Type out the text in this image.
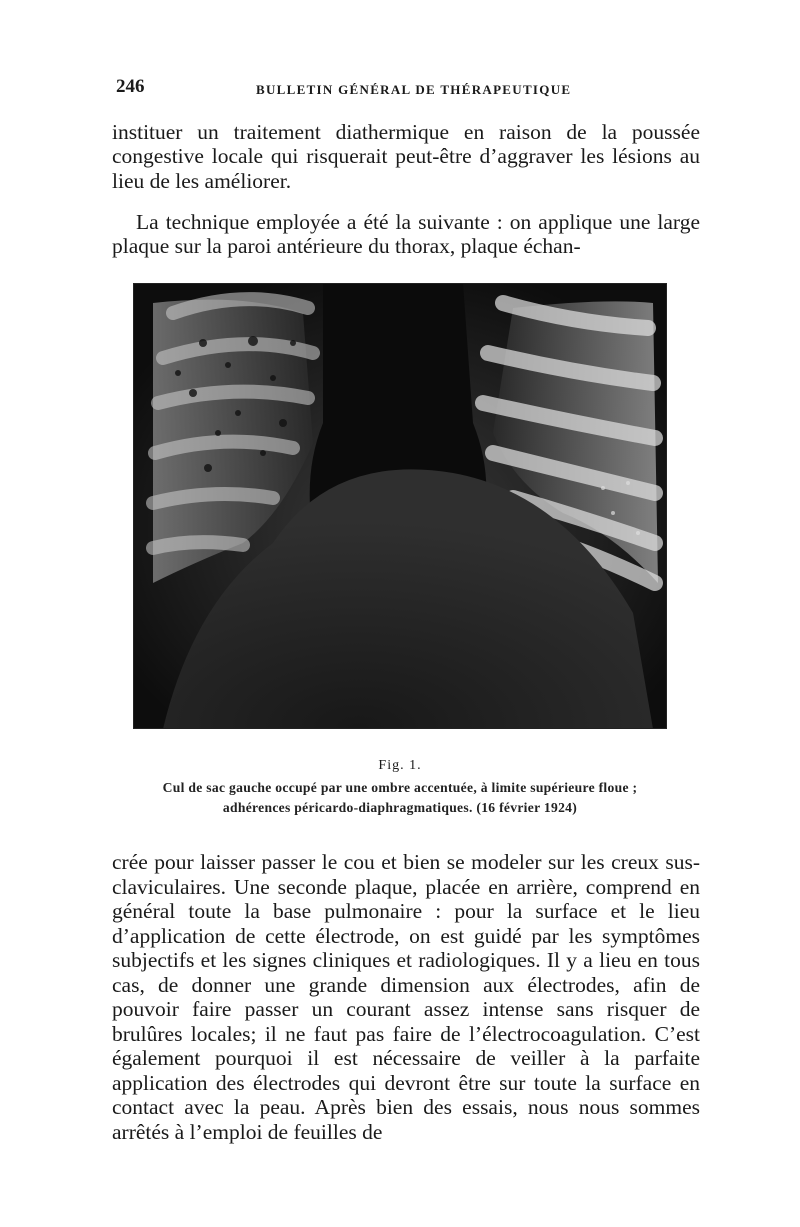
246	BULLETIN GÉNÉRAL DE THÉRAPEUTIQUE

instituer un traitement diathermique en raison de la poussée congestive locale qui risquerait peut-être d’aggraver les lésions au lieu de les améliorer.

La technique employée a été la suivante : on applique une large plaque sur la paroi antérieure du thorax, plaque échan-

Fig. 1.

Cul de sac gauche occupé par une ombre accentuée, à limite supérieure floue ; adhérences péricardo-diaphragmatiques. (16 février 1924)

crée pour laisser passer le cou et bien se modeler sur les creux sus-claviculaires. Une seconde plaque, placée en arrière, comprend en général toute la base pulmonaire : pour la surface et le lieu d’application de cette électrode, on est guidé par les symptômes subjectifs et les signes cliniques et radiologiques. Il y a lieu en tous cas, de donner une grande dimension aux électrodes, afin de pouvoir faire passer un courant assez intense sans risquer de brulûres locales; il ne faut pas faire de l’électrocoagulation. C’est également pourquoi il est nécessaire de veiller à la parfaite application des électrodes qui devront être sur toute la surface en contact avec la peau. Après bien des essais, nous nous sommes arrêtés à l’emploi de feuilles de
